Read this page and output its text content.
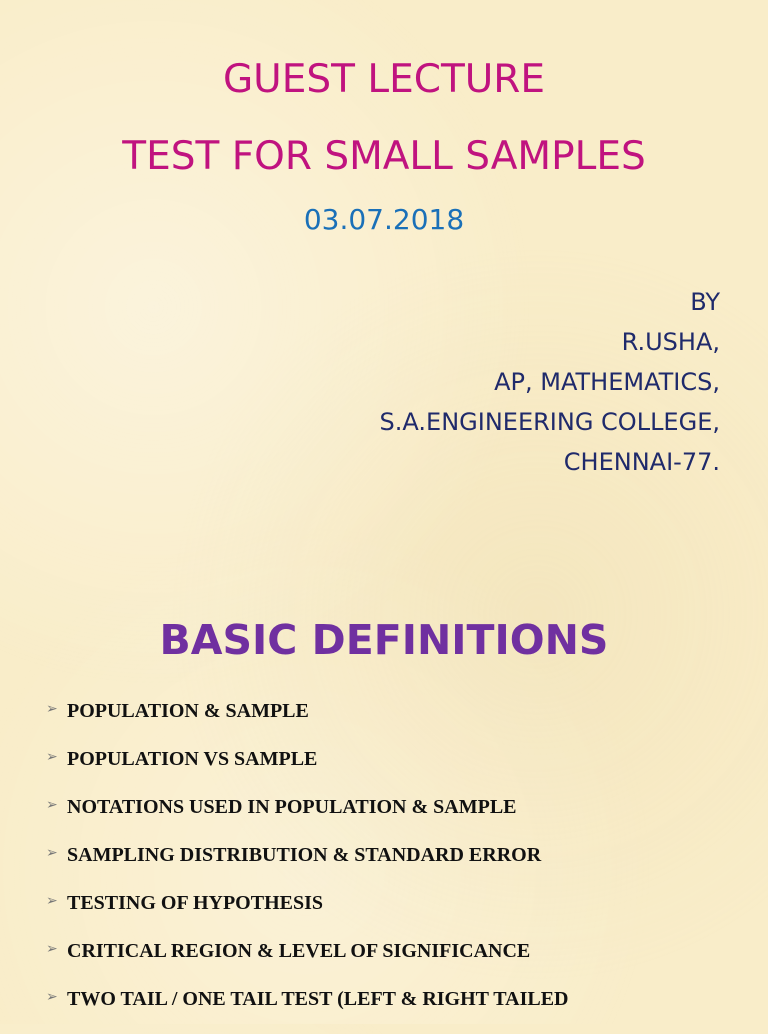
GUEST LECTURE
TEST FOR SMALL SAMPLES
03.07.2018
BY
R.USHA,
AP, MATHEMATICS,
S.A.ENGINEERING COLLEGE,
CHENNAI-77.
BASIC DEFINITIONS
➢ POPULATION & SAMPLE
➢ POPULATION VS SAMPLE
➢ NOTATIONS USED IN POPULATION & SAMPLE
➢ SAMPLING DISTRIBUTION & STANDARD ERROR
➢ TESTING OF HYPOTHESIS
➢ CRITICAL REGION & LEVEL OF SIGNIFICANCE
➢ TWO TAIL / ONE TAIL TEST (LEFT & RIGHT TAILED
